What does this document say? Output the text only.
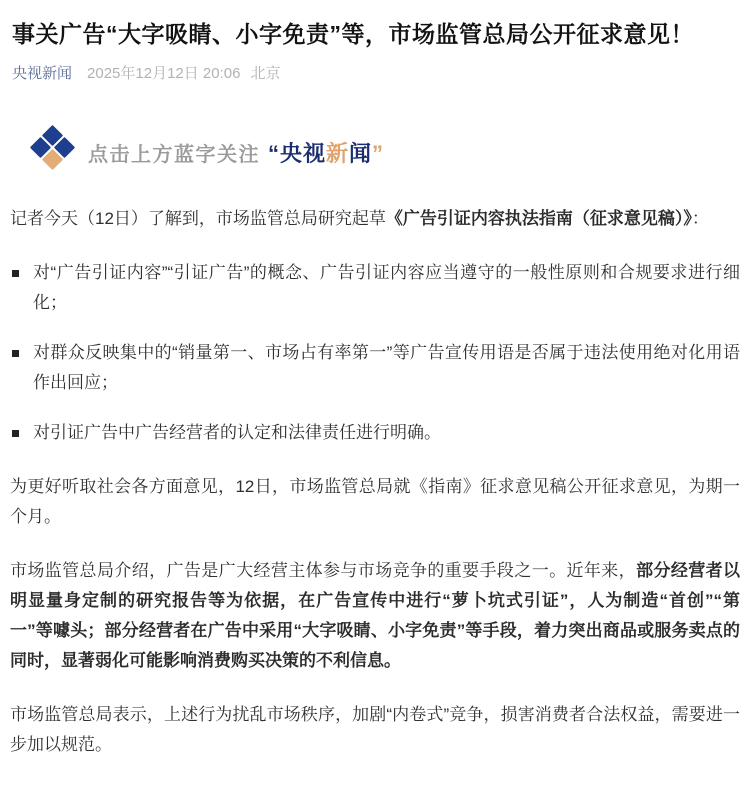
事关广告“大字吸睛、小字免责”等，市场监管总局公开征求意见！
央视新闻 2025年12月12日 20:06 北京
点击上方蓝字关注 “央视新闻”

记者今天（12日）了解到，市场监管总局研究起草《广告引证内容执法指南（征求意见稿）》：

对“广告引证内容”“引证广告”的概念、广告引证内容应当遵守的一般性原则和合规要求进行细化；
对群众反映集中的“销量第一、市场占有率第一”等广告宣传用语是否属于违法使用绝对化用语作出回应；
对引证广告中广告经营者的认定和法律责任进行明确。

为更好听取社会各方面意见，12日，市场监管总局就《指南》征求意见稿公开征求意见，为期一个月。

市场监管总局介绍，广告是广大经营主体参与市场竞争的重要手段之一。近年来，部分经营者以明显量身定制的研究报告等为依据，在广告宣传中进行“萝卜坑式引证”，人为制造“首创”“第一”等噱头；部分经营者在广告中采用“大字吸睛、小字免责”等手段，着力突出商品或服务卖点的同时，显著弱化可能影响消费购买决策的不利信息。

市场监管总局表示，上述行为扰乱市场秩序，加剧“内卷式”竞争，损害消费者合法权益，需要进一步加以规范。
